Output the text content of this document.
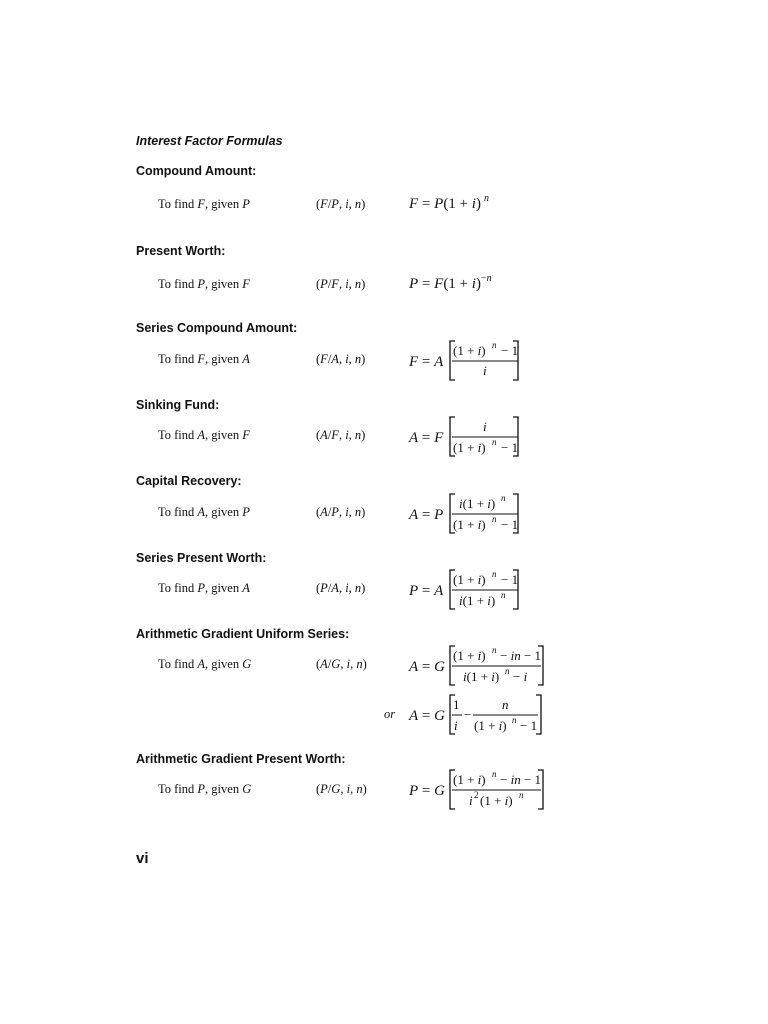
Interest Factor Formulas
Compound Amount:
To find F, given P	(F/P, i, n)	F = P(1 + i) n
Present Worth:
To find P, given F	(P/F, i, n)	P = F(1 + i) −n
Series Compound Amount:
To find F, given A	(F/A, i, n)	F = A
(1 + i) n − 1
i
Sinking Fund:
To find A, given F	(A/F, i, n)	A = F
i
(1 + i) n − 1
Capital Recovery:
To find A, given P	(A/P, i, n)	A = P
i(1 + i) n
(1 + i) n − 1
Series Present Worth:
To find P, given A	(P/A, i, n)	P = A
(1 + i) n − 1
i(1 + i) n
Arithmetic Gradient Uniform Series:
To find A, given G	(A/G, i, n)	A = G
(1 + i) n − in − 1
i(1 + i) n − i
or A = G
1
i
−
n
(1 + i) n − 1
Arithmetic Gradient Present Worth:
To find P, given G	(P/G, i, n)	P = G
(1 + i) n − in − 1
i 2 (1 + i) n
vi
